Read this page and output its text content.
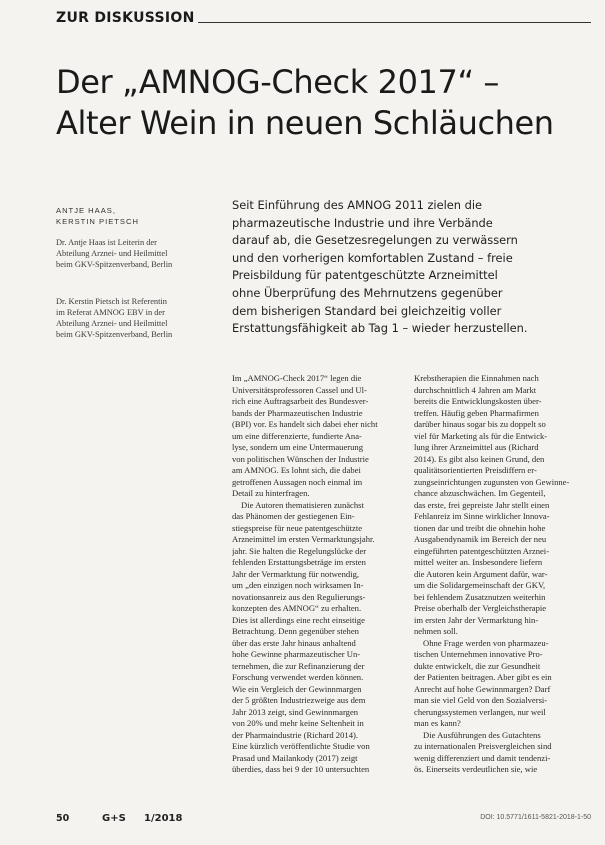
ZUR DISKUSSION
Der „AMNOG-Check 2017“ –
Alter Wein in neuen Schläuchen
ANTJE HAAS,
KERSTIN PIETSCH
Dr. Antje Haas ist Leiterin der Abteilung Arznei- und Heilmittel beim GKV-Spitzenverband, Berlin
Dr. Kerstin Pietsch ist Referentin im Referat AMNOG EBV in der Abteilung Arznei- und Heilmittel beim GKV-Spitzenverband, Berlin
Seit Einführung des AMNOG 2011 zielen die
pharmazeutische Industrie und ihre Verbände
darauf ab, die Gesetzesregelungen zu verwässern
und den vorherigen komfortablen Zustand – freie
Preisbildung für patentgeschützte Arzneimittel
ohne Überprüfung des Mehrnutzens gegenüber
dem bisherigen Standard bei gleichzeitig voller
Erstattungsfähigkeit ab Tag 1 – wieder herzustellen.
Im „AMNOG-Check 2017“ legen die
Universitätsprofessoren Cassel und Ul-
rich eine Auftragsarbeit des Bundesver-
bands der Pharmazeutischen Industrie
(BPI) vor. Es handelt sich dabei eher nicht
um eine differenzierte, fundierte Ana-
lyse, sondern um eine Untermauerung
von politischen Wünschen der Industrie
am AMNOG. Es lohnt sich, die dabei
getroffenen Aussagen noch einmal im
Detail zu hinterfragen.
Die Autoren thematisieren zunächst
das Phänomen der gestiegenen Ein-
stiegspreise für neue patentgeschützte
Arzneimittel im ersten Vermarktungsjahr.
jahr. Sie halten die Regelungslücke der
fehlenden Erstattungsbeträge im ersten
Jahr der Vermarktung für notwendig,
um „den einzigen noch wirksamen In-
novationsanreiz aus den Regulierungs-
konzepten des AMNOG“ zu erhalten.
Dies ist allerdings eine recht einseitige
Betrachtung. Denn gegenüber stehen
über das erste Jahr hinaus anhaltend
hohe Gewinne pharmazeutischer Un-
ternehmen, die zur Refinanzierung der
Forschung verwendet werden können.
Wie ein Vergleich der Gewinnmargen
der 5 größten Industriezweige aus dem
Jahr 2013 zeigt, sind Gewinnmargen
von 20% und mehr keine Seltenheit in
der Pharmaindustrie (Richard 2014).
Eine kürzlich veröffentlichte Studie von
Prasad und Mailankody (2017) zeigt
überdies, dass bei 9 der 10 untersuchten
Krebstherapien die Einnahmen nach
durchschnittlich 4 Jahren am Markt
bereits die Entwicklungskosten über-
treffen. Häufig geben Pharmafirmen
darüber hinaus sogar bis zu doppelt so
viel für Marketing als für die Entwick-
lung ihrer Arzneimittel aus (Richard
2014). Es gibt also keinen Grund, den
qualitätsorientierten Preisdiffern er-
zungseinrichtungen zugunsten von Gewinne-
chance abzuschwächen. Im Gegenteil,
das erste, frei gepreiste Jahr stellt einen
Fehlanreiz im Sinne wirklicher Innova-
tionen dar und treibt die ohnehin hohe
Ausgabendynamik im Bereich der neu
eingeführten patentgeschützten Arznei-
mittel weiter an. Insbesondere liefern
die Autoren kein Argument dafür, war-
um die Solidargemeinschaft der GKV,
bei fehlendem Zusatznutzen weiterhin
Preise oberhalb der Vergleichstherapie
im ersten Jahr der Vermarktung hin-
nehmen soll.
Ohne Frage werden von pharmazeu-
tischen Unternehmen innovative Pro-
dukte entwickelt, die zur Gesundheit
der Patienten beitragen. Aber gibt es ein
Anrecht auf hohe Gewinnmargen? Darf
man sie viel Geld von den Sozialversi-
cherungssystemen verlangen, nur weil
man es kann?
Die Ausführungen des Gutachtens
zu internationalen Preisvergleichen sind
wenig differenziert und damit tendenzi-
ös. Einerseits verdeutlichen sie, wie
50	G+S 1/2018	DOI: 10.5771/1611-5821-2018-1-50
